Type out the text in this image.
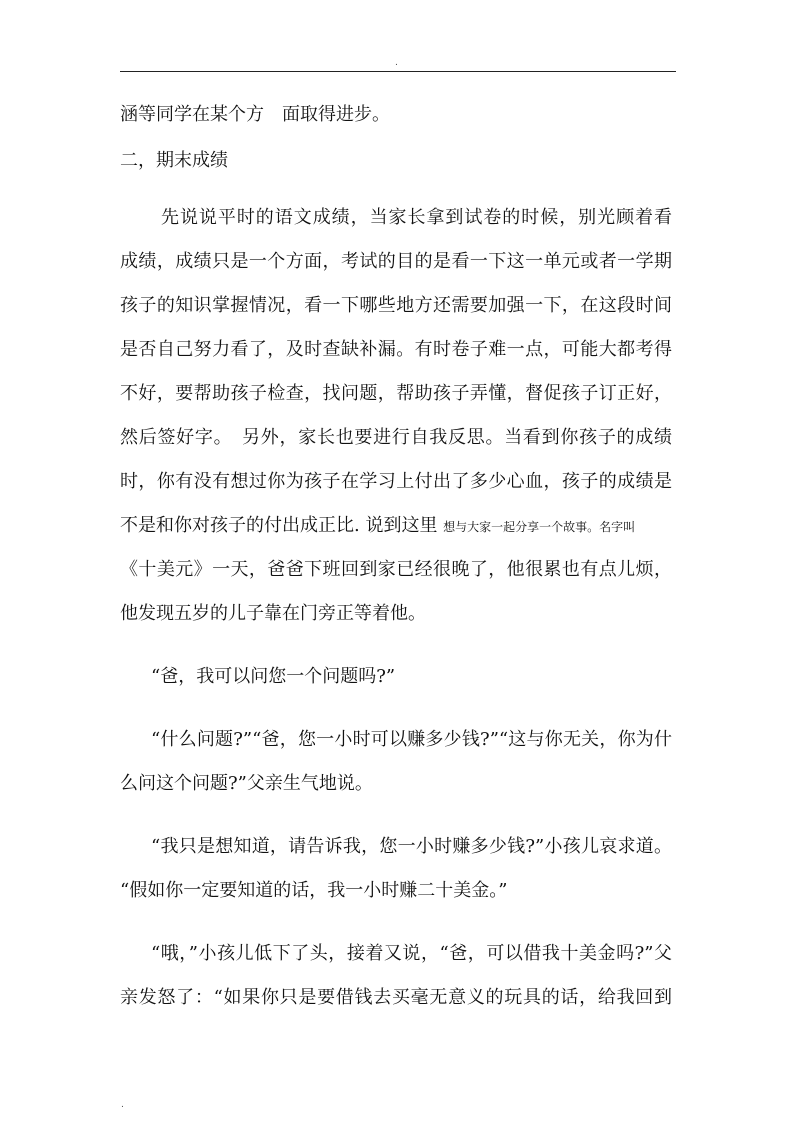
.
涵等同学在某个方　面取得进步。
二，期末成绩
先说说平时的语文成绩，当家长拿到试卷的时候，别光顾着看
成绩，成绩只是一个方面，考试的目的是看一下这一单元或者一学期
孩子的知识掌握情况，看一下哪些地方还需要加强一下，在这段时间
是否自己努力看了，及时查缺补漏。有时卷子难一点，可能大都考得
不好，要帮助孩子检查，找问题，帮助孩子弄懂，督促孩子订正好，
然后签好字。　另外，家长也要进行自我反思。当看到你孩子的成绩
时，你有没有想过你为孩子在学习上付出了多少心血，孩子的成绩是
不是和你对孩子的付出成正比. 说到这里 想与大家一起分享一个故事。名字叫
《十美元》一天，爸爸下班回到家已经很晚了，他很累也有点儿烦，
他发现五岁的儿子靠在门旁正等着他。
“爸，我可以问您一个问题吗?”
“什么问题?”“爸，您一小时可以赚多少钱?”“这与你无关，你为什
么问这个问题?”父亲生气地说。
“我只是想知道，请告诉我，您一小时赚多少钱?”小孩儿哀求道。
“假如你一定要知道的话，我一小时赚二十美金。”
“哦，”小孩儿低下了头，接着又说，“爸，可以借我十美金吗?”父
亲发怒了：“如果你只是要借钱去买毫无意义的玩具的话，给我回到
.
